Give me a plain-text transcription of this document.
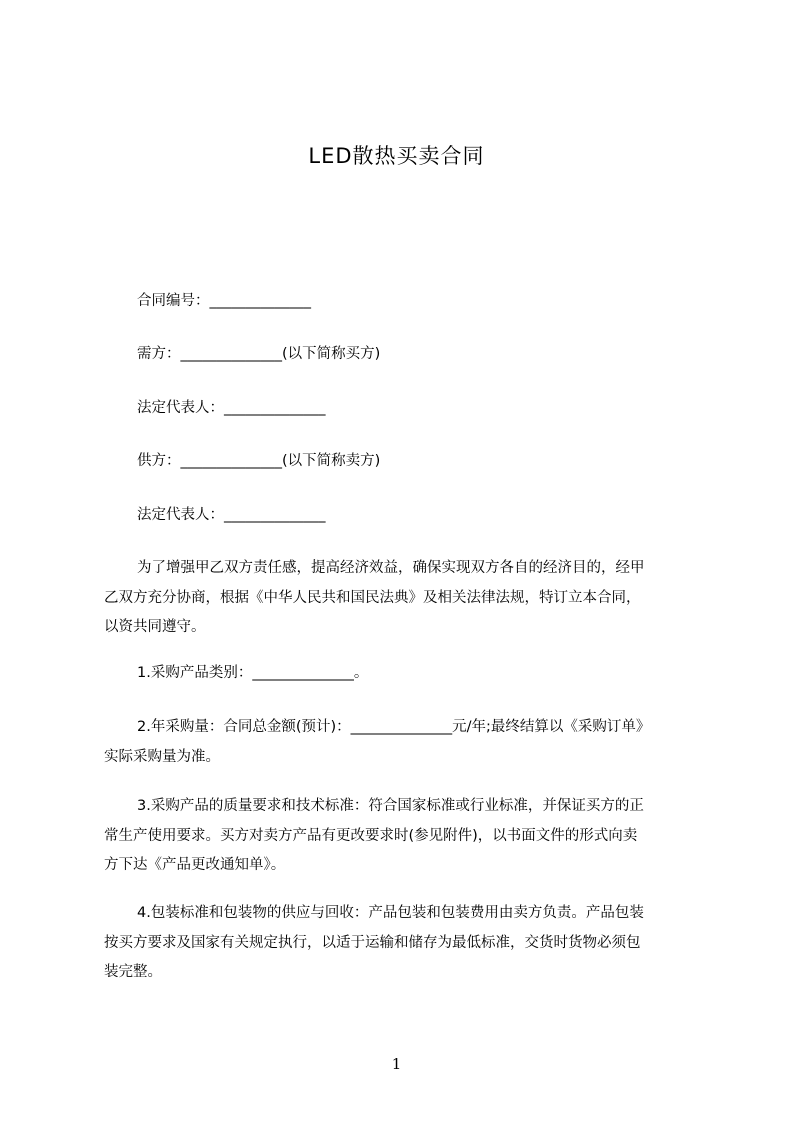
LED散热买卖合同
合同编号：______________
需方：______________(以下简称买方)
法定代表人：______________
供方：______________(以下简称卖方)
法定代表人：______________

为了增强甲乙双方责任感，提高经济效益，确保实现双方各自的经济目的，经甲

乙双方充分协商，根据《中华人民共和国民法典》及相关法律法规，特订立本合同，

以资共同遵守。

1.采购产品类别：______________。

2.年采购量：合同总金额(预计)：______________元/年;最终结算以《采购订单》

实际采购量为准。

3.采购产品的质量要求和技术标准：符合国家标准或行业标准，并保证买方的正

常生产使用要求。买方对卖方产品有更改要求时(参见附件)，以书面文件的形式向卖

方下达《产品更改通知单》。

4.包装标准和包装物的供应与回收：产品包装和包装费用由卖方负责。产品包装

按买方要求及国家有关规定执行，以适于运输和储存为最低标准，交货时货物必须包

装完整。

1
